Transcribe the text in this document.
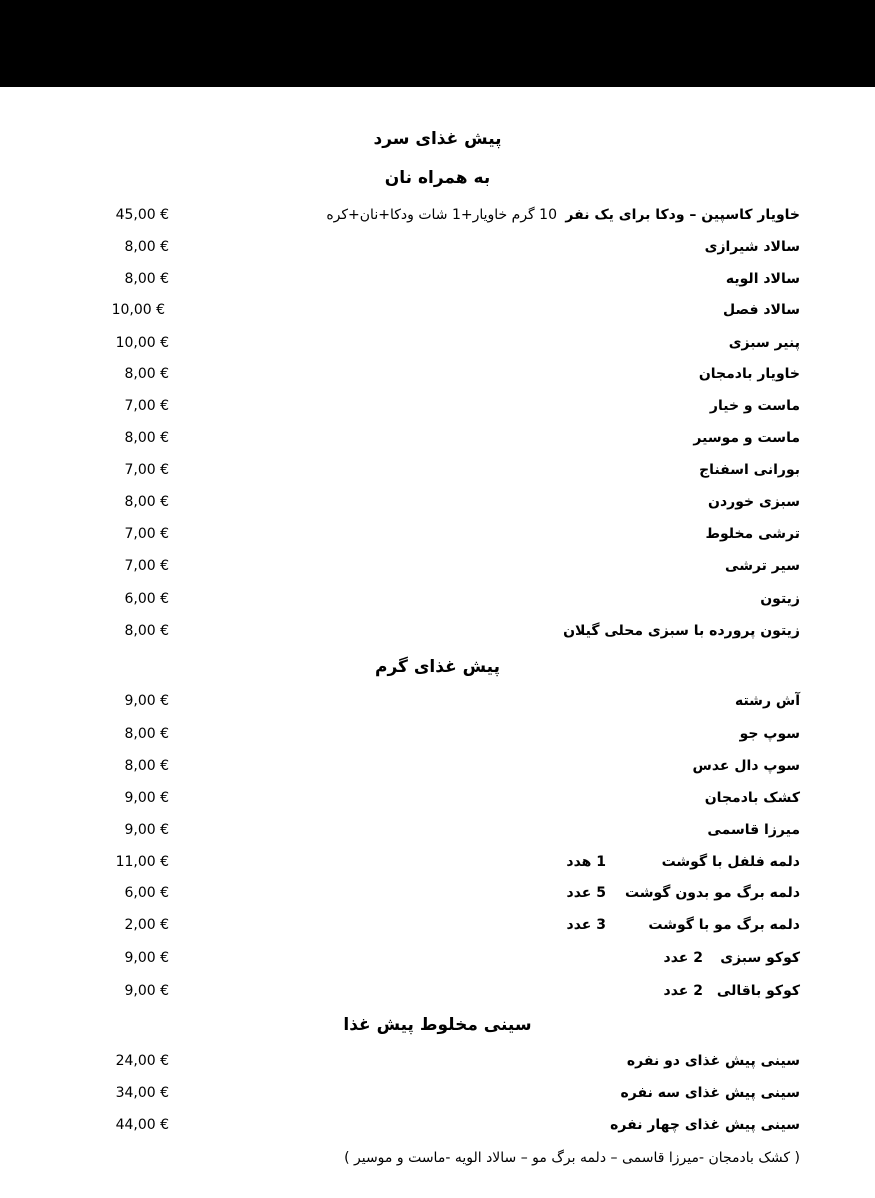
پیش غذای سرد
به همراه نان
خاویار کاسپین – ودکا برای یک نفر
10 گرم خاویار+1 شات ودکا+نان+کره
45,00 €
سالاد شیرازی
8,00 €
سالاد الویه
8,00 €
سالاد فصل
10,00 €
پنیر سبزی
10,00 €
خاویار بادمجان
8,00 €
ماست و خیار
7,00 €
ماست و موسیر
8,00 €
بورانی اسفناج
7,00 €
سبزی خوردن
8,00 €
ترشی مخلوط
7,00 €
سیر ترشی
7,00 €
زیتون
6,00 €
زیتون پرورده با سبزی محلی گیلان
8,00 €
پیش غذای گرم
آش رشته
9,00 €
سوپ جو
8,00 €
سوپ دال عدس
8,00 €
کشک بادمجان
9,00 €
میرزا قاسمی
9,00 €
دلمه فلفل با گوشت
1 هدد
11,00 €
دلمه برگ مو بدون گوشت
5 عدد
6,00 €
دلمه برگ مو با گوشت
3 عدد
2,00 €
کوکو سبزی
2 عدد
9,00 €
کوکو باقالی
2 عدد
9,00 €
سینی مخلوط پیش غذا
سینی پیش غذای دو نفره
24,00 €
سینی پیش غذای سه نفره
34,00 €
سینی پیش غذای چهار نفره
44,00 €
( کشک بادمجان -میرزا قاسمی – دلمه برگ مو – سالاد الویه -ماست و موسیر )
